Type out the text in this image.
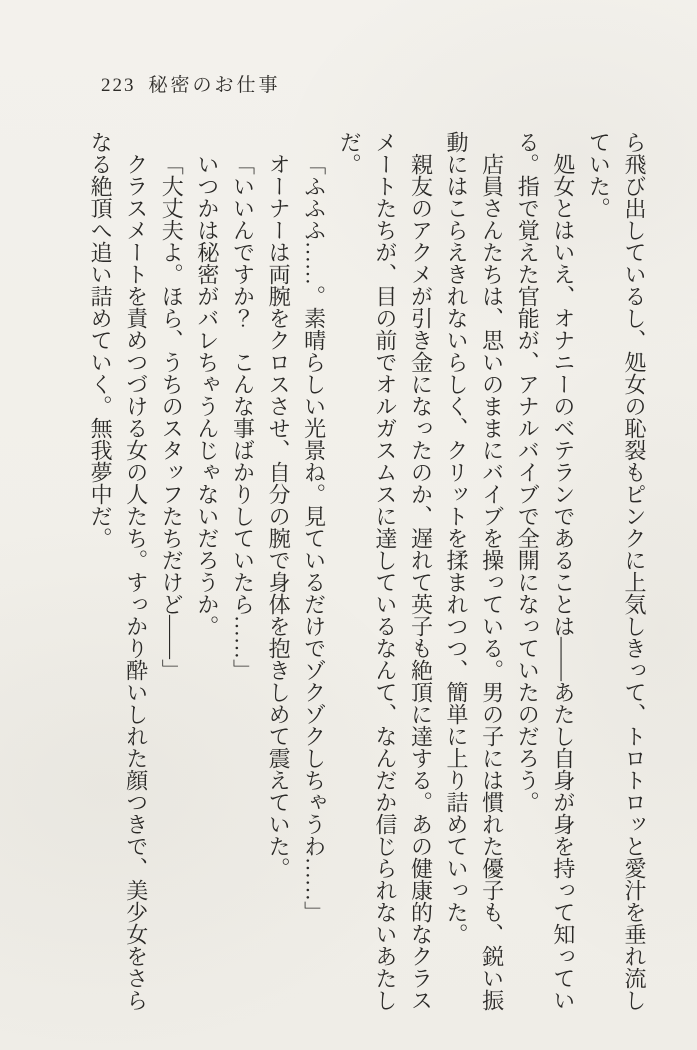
223 秘密のお仕事

ら飛び出しているし、処女の恥裂もピンクに上気しきって、トロトロッと愛汁を垂れ流していた。

処女とはいえ、オナニーのベテランであることは――あたし自身が身を持って知っている。指で覚えた官能が、アナルバイブで全開になっていたのだろう。

店員さんたちは、思いのままにバイブを操っている。男の子には慣れた優子も、鋭い振動にはこらえきれないらしく、クリットを揉まれつつ、簡単に上り詰めていった。

親友のアクメが引き金になったのか、遅れて英子も絶頂に達する。あの健康的なクラスメートたちが、目の前でオルガスムスに達しているなんて、なんだか信じられないあたしだ。

「ふふふ……。素晴らしい光景ね。見ているだけでゾクゾクしちゃうわ……」

オーナーは両腕をクロスさせ、自分の腕で身体を抱きしめて震えていた。

「いいんですか？　こんな事ばかりしていたら……」

いつかは秘密がバレちゃうんじゃないだろうか。

「大丈夫よ。ほら、うちのスタッフたちだけど――」

クラスメートを責めつづける女の人たち。すっかり酔いしれた顔つきで、美少女をさらなる絶頂へ追い詰めていく。無我夢中だ。
